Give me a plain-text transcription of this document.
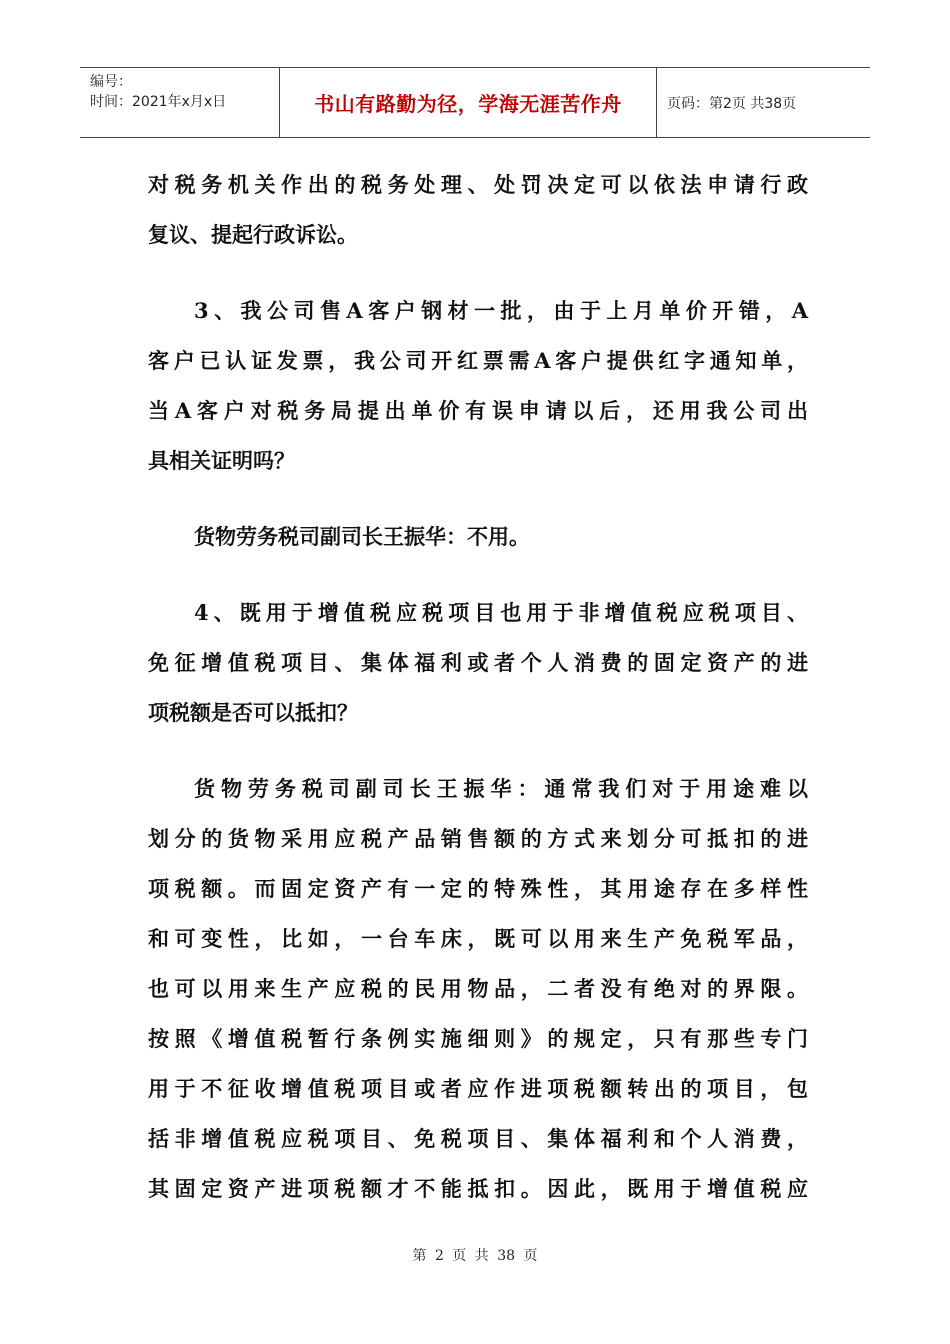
编号：
时间：2021年x月x日	书山有路勤为径，学海无涯苦作舟	页码：第2页 共38页
对税务机关作出的税务处理、处罚决定可以依法申请行政
复议、提起行政诉讼。
3、我公司售A客户钢材一批，由于上月单价开错，A
客户已认证发票，我公司开红票需A客户提供红字通知单，
当A客户对税务局提出单价有误申请以后，还用我公司出
具相关证明吗？
货物劳务税司副司长王振华：不用。
4、既用于增值税应税项目也用于非增值税应税项目、
免征增值税项目、集体福利或者个人消费的固定资产的进
项税额是否可以抵扣？
货物劳务税司副司长王振华：通常我们对于用途难以
划分的货物采用应税产品销售额的方式来划分可抵扣的进
项税额。而固定资产有一定的特殊性，其用途存在多样性
和可变性，比如，一台车床，既可以用来生产免税军品，
也可以用来生产应税的民用物品，二者没有绝对的界限。
按照《增值税暂行条例实施细则》的规定，只有那些专门
用于不征收增值税项目或者应作进项税额转出的项目，包
括非增值税应税项目、免税项目、集体福利和个人消费，
其固定资产进项税额才不能抵扣。因此，既用于增值税应
第 2 页 共 38 页
